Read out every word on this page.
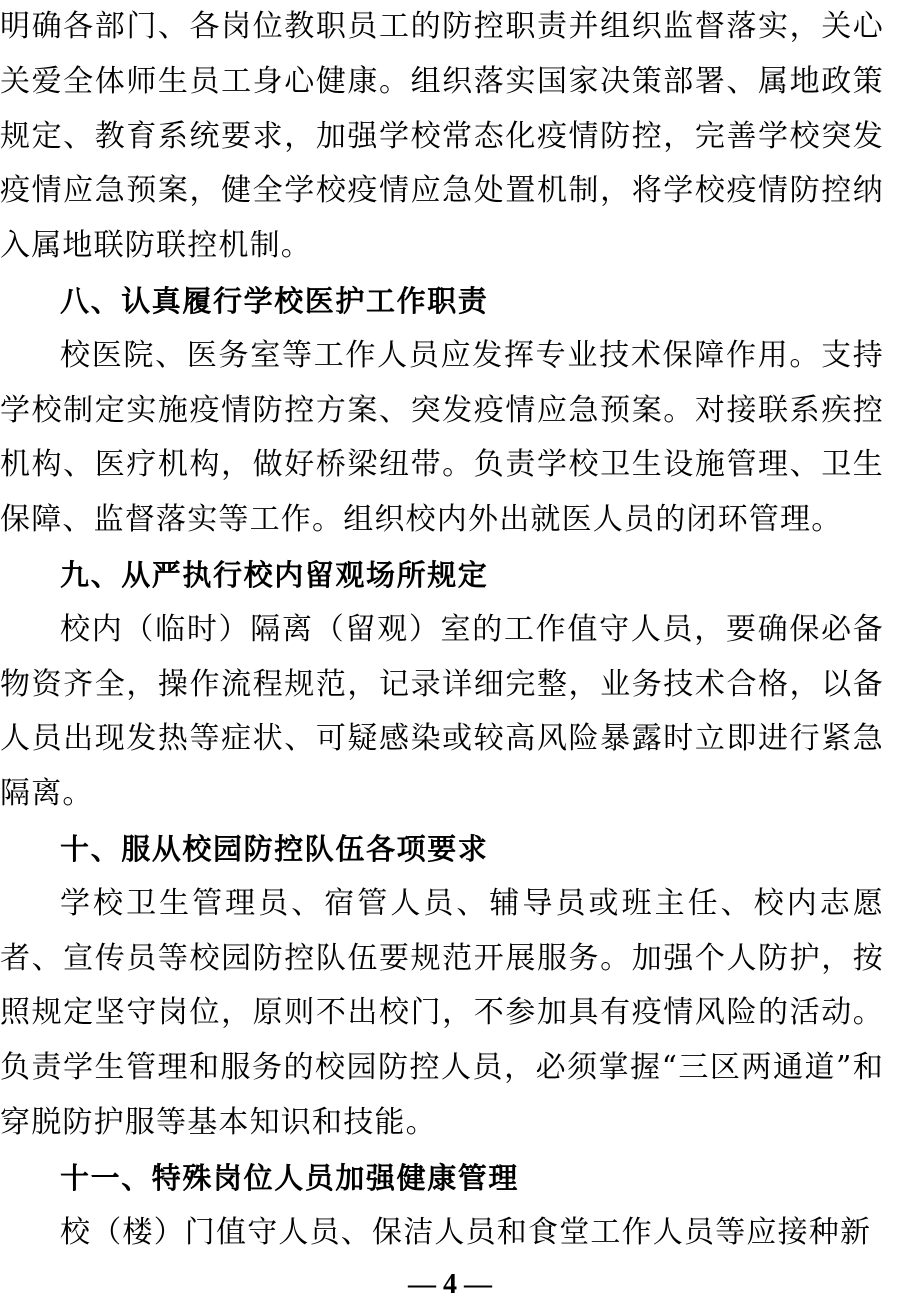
明确各部门、各岗位教职员工的防控职责并组织监督落实，关心关爱全体师生员工身心健康。组织落实国家决策部署、属地政策规定、教育系统要求，加强学校常态化疫情防控，完善学校突发疫情应急预案，健全学校疫情应急处置机制，将学校疫情防控纳入属地联防联控机制。

八、认真履行学校医护工作职责

校医院、医务室等工作人员应发挥专业技术保障作用。支持学校制定实施疫情防控方案、突发疫情应急预案。对接联系疾控机构、医疗机构，做好桥梁纽带。负责学校卫生设施管理、卫生保障、监督落实等工作。组织校内外出就医人员的闭环管理。

九、从严执行校内留观场所规定

校内（临时）隔离（留观）室的工作值守人员，要确保必备物资齐全，操作流程规范，记录详细完整，业务技术合格，以备人员出现发热等症状、可疑感染或较高风险暴露时立即进行紧急隔离。

十、服从校园防控队伍各项要求

学校卫生管理员、宿管人员、辅导员或班主任、校内志愿者、宣传员等校园防控队伍要规范开展服务。加强个人防护，按照规定坚守岗位，原则不出校门，不参加具有疫情风险的活动。负责学生管理和服务的校园防控人员，必须掌握“三区两通道”和穿脱防护服等基本知识和技能。

十一、特殊岗位人员加强健康管理

校（楼）门值守人员、保洁人员和食堂工作人员等应接种新

— 4 —
